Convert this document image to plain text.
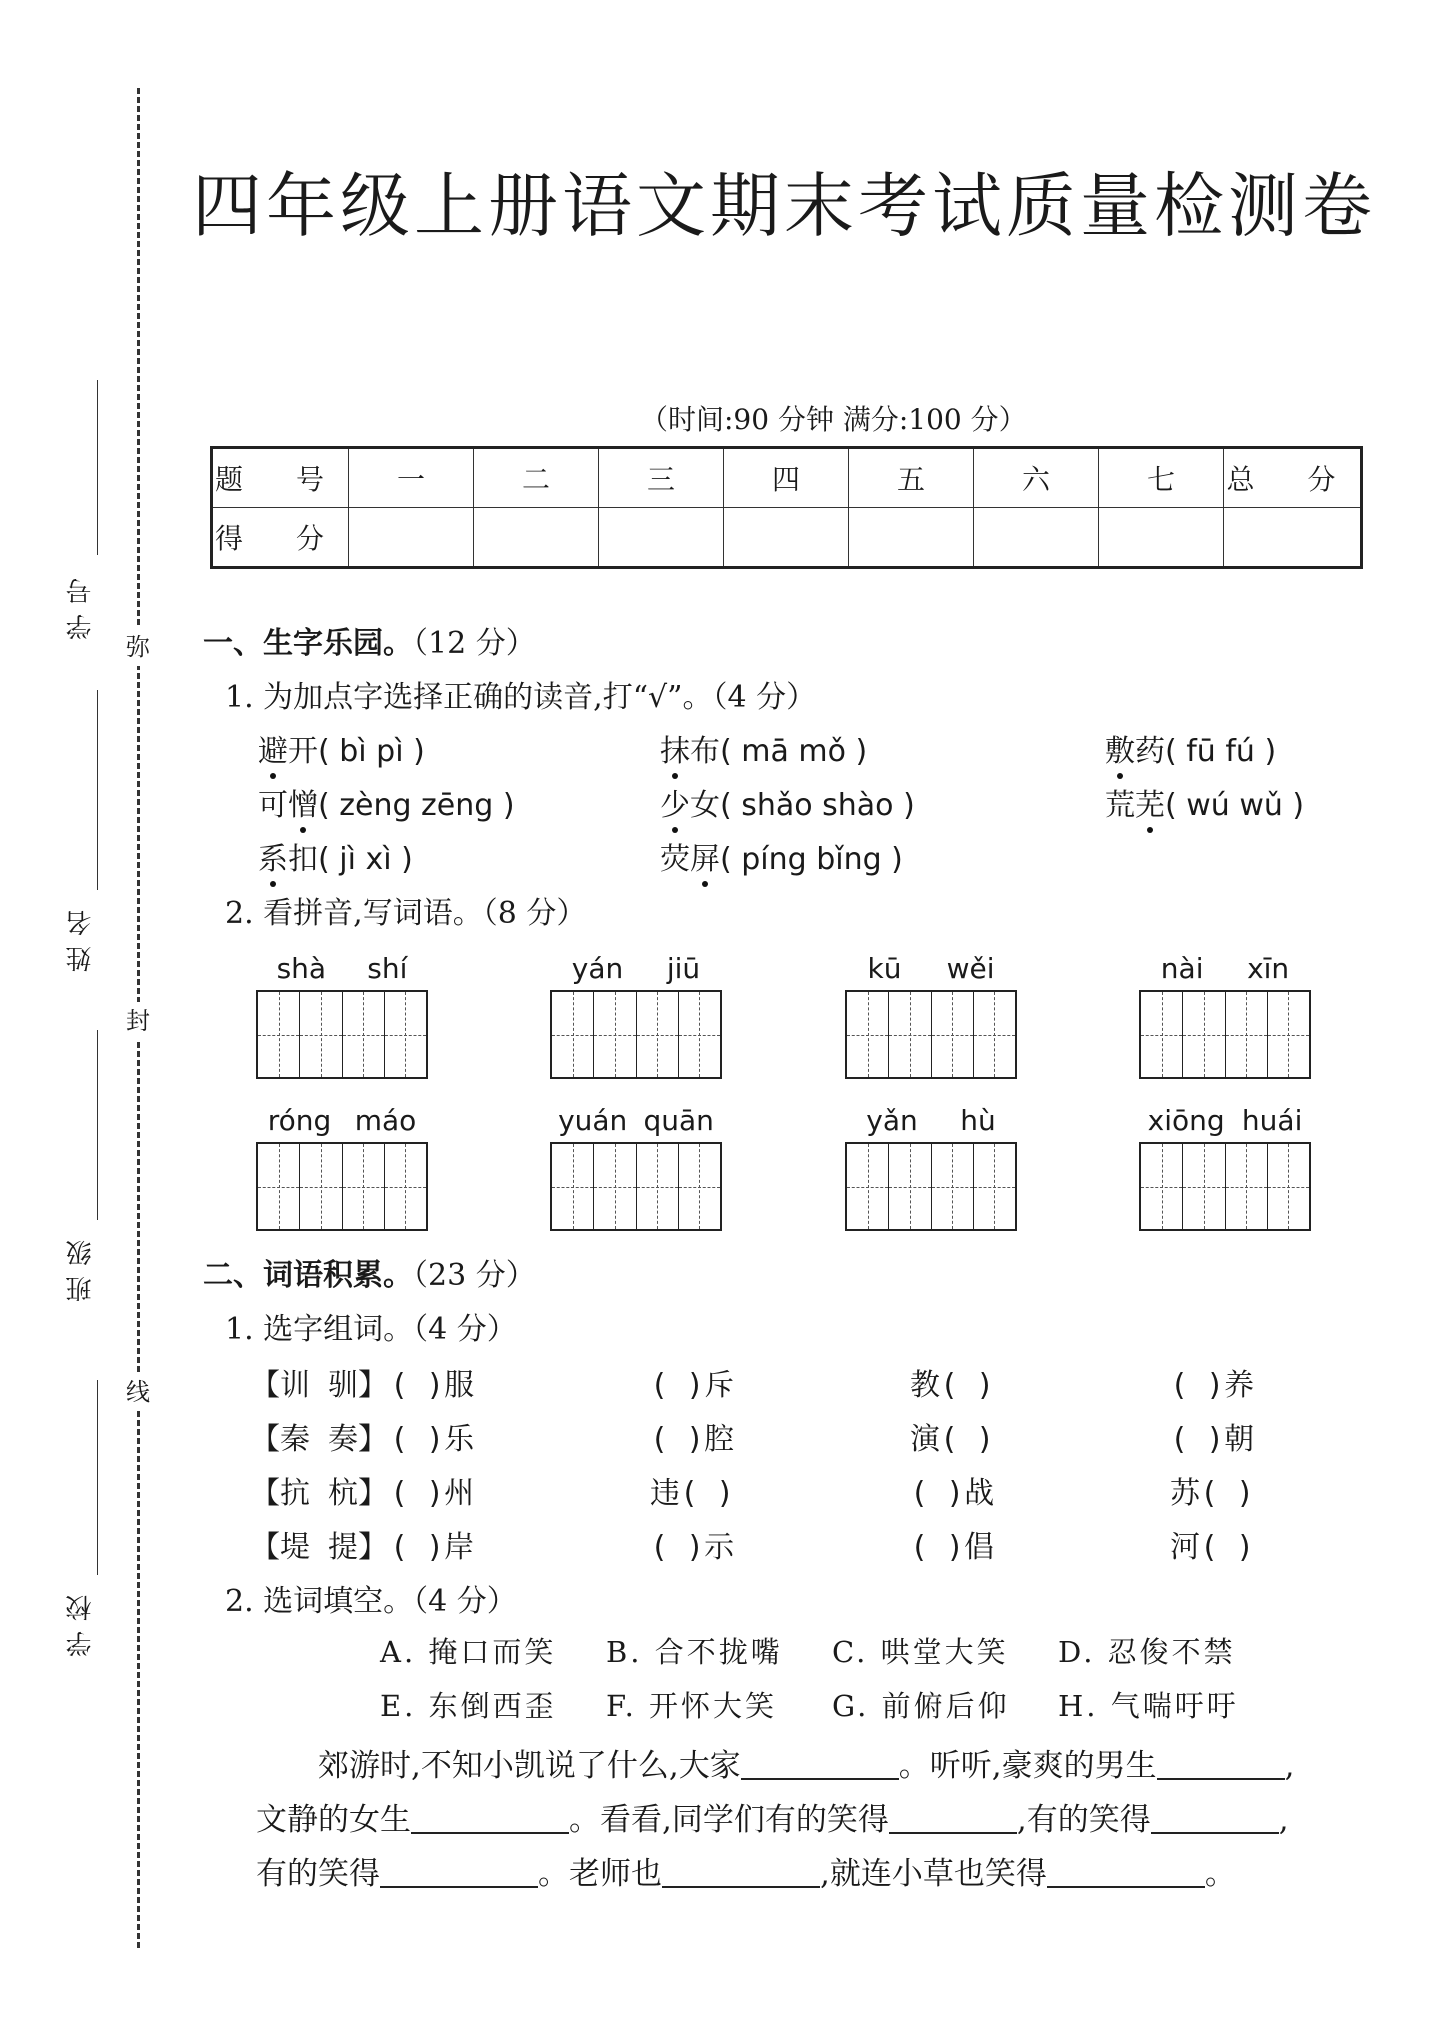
学号
姓名
班级
学校
弥
封
线
四年级上册语文期末考试质量检测卷
（时间:90 分钟 满分:100 分）
题 号	一	二	三	四	五	六	七	总 分
得 分								
一、生字乐园。（12 分）
1. 为加点字选择正确的读音,打“√”。（4 分）
避开( bì pì )	抹布( mā mǒ )	敷药( fū fú )
可憎( zèng zēng )	少女( shǎo shào )	荒芜( wú wǔ )
系扣( jì xì )	荧屏( píng bǐng )
2. 看拼音,写词语。（8 分）
shà shí	yán jiū	kū wěi	nài xīn
róng máo	yuán quān	yǎn hù	xiōng huái
二、词语积累。（23 分）
1. 选字组词。（4 分）
【训 驯】 ( )服	( )斥	教( )	( )养
【秦 奏】 ( )乐	( )腔	演( )	( )朝
【抗 杭】 ( )州	违( )	( )战	苏( )
【堤 提】 ( )岸	( )示	( )倡	河( )
2. 选词填空。（4 分）
A. 掩口而笑 B. 合不拢嘴 C. 哄堂大笑 D. 忍俊不禁
E. 东倒西歪 F. 开怀大笑 G. 前俯后仰 H. 气喘吁吁
郊游时,不知小凯说了什么,大家	。听听,豪爽的男生	,
文静的女生	。看看,同学们有的笑得	,有的笑得	,
有的笑得	。老师也	,就连小草也笑得	。
